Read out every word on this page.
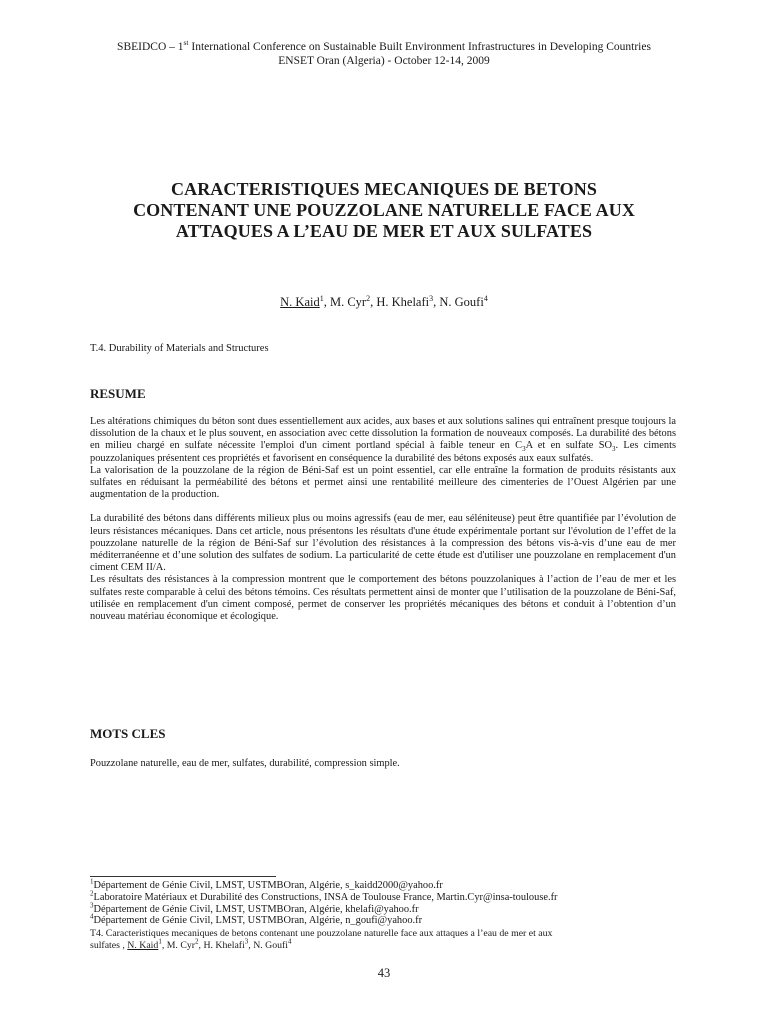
SBEIDCO – 1st International Conference on Sustainable Built Environment Infrastructures in Developing Countries
ENSET Oran (Algeria) - October 12-14, 2009
CARACTERISTIQUES MECANIQUES DE BETONS
CONTENANT UNE POUZZOLANE NATURELLE FACE AUX
ATTAQUES A L’EAU DE MER ET AUX SULFATES
N. Kaid$^1$, M. Cyr$^2$, H. Khelafi$^3$, N. Goufi$^4$
T.4. Durability of Materials and Structures
RESUME

Les altérations chimiques du béton sont dues essentiellement aux acides, aux bases et aux solutions salines qui entraînent presque toujours la dissolution de la chaux et le plus souvent, en association avec cette dissolution la formation de nouveaux composés. La durabilité des bétons en milieu chargé en sulfate nécessite l'emploi d'un ciment portland spécial à faible teneur en $C_3A$ et en sulfate $SO_3$. Les ciments pouzzolaniques présentent ces propriétés et favorisent en conséquence la durabilité des bétons exposés aux eaux sulfatés.

La valorisation de la pouzzolane de la région de Béni-Saf est un point essentiel, car elle entraîne la formation de produits résistants aux sulfates en réduisant la perméabilité des bétons et permet ainsi une rentabilité meilleure des cimenteries de l’Ouest Algérien par une augmentation de la production.

La durabilité des bétons dans différents milieux plus ou moins agressifs (eau de mer, eau séléniteuse) peut être quantifiée par l’évolution de leurs résistances mécaniques. Dans cet article, nous présentons les résultats d'une étude expérimentale portant sur l'évolution de l’effet de la pouzzolane naturelle de la région de Béni-Saf sur l’évolution des résistances à la compression des bétons vis-à-vis d’une eau de mer méditerranéenne et d’une solution des sulfates de sodium. La particularité de cette étude est d'utiliser une pouzzolane en remplacement d'un ciment CEM II/A.

Les résultats des résistances à la compression montrent que le comportement des bétons pouzzolaniques à l’action de l’eau de mer et les sulfates reste comparable à celui des bétons témoins. Ces résultats permettent ainsi de monter que l’utilisation de la pouzzolane de Béni-Saf, utilisée en remplacement d'un ciment composé, permet de conserver les propriétés mécaniques des bétons et conduit à l’obtention d’un nouveau matériau économique et écologique.

MOTS CLES
Pouzzolane naturelle, eau de mer, sulfates, durabilité, compression simple.
$^1$Département de Génie Civil, LMST, USTMBOran, Algérie, s_kaidd2000@yahoo.fr
$^2$Laboratoire Matériaux et Durabilité des Constructions, INSA de Toulouse France, Martin.Cyr@insa-toulouse.fr
$^3$Département de Génie Civil, LMST, USTMBOran, Algérie, khelafi@yahoo.fr
$^4$Département de Génie Civil, LMST, USTMBOran, Algérie, n_goufi@yahoo.fr
T4. Caracteristiques mecaniques de betons contenant une pouzzolane naturelle face aux attaques a l’eau de mer et aux
sulfates , N. Kaid$^1$, M. Cyr$^2$, H. Khelafi$^3$, N. Goufi$^4$
43
